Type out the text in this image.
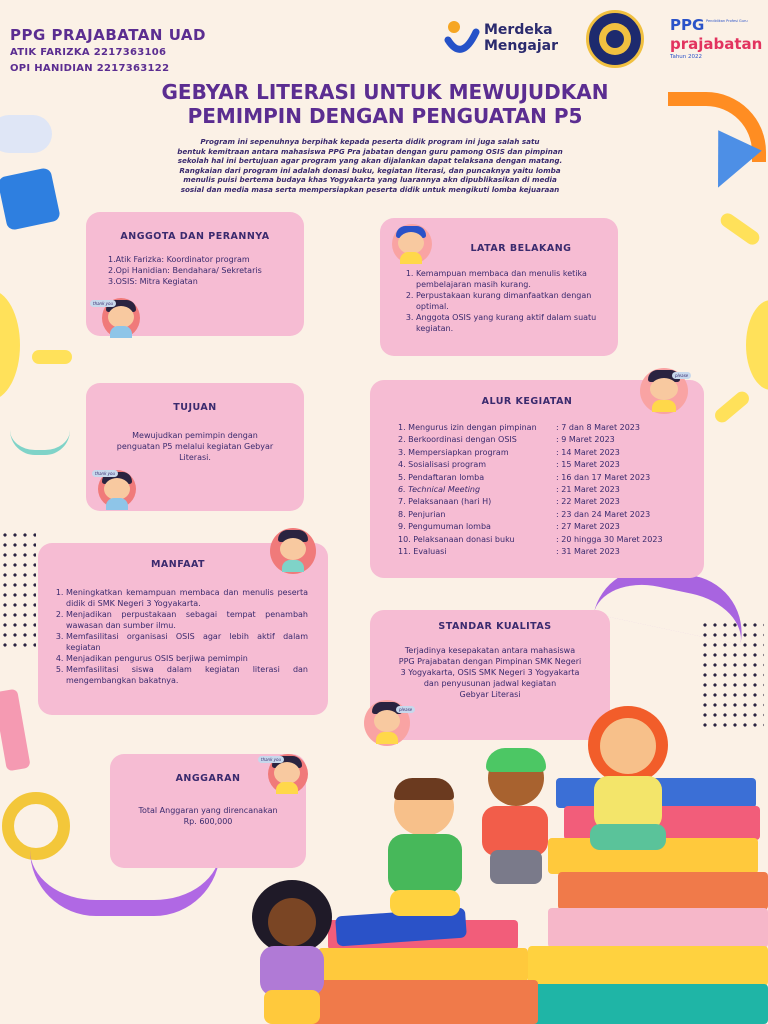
PPG PRAJABATAN UAD
ATIK FARIZKA 2217363106
OPI HANIDIAN 2217363122
Merdeka
Mengajar
PPG Pendidikan Profesi Guru
prajabatan
Tahun 2022
GEBYAR LITERASI UNTUK MEWUJUDKAN
PEMIMPIN DENGAN PENGUATAN P5
Program ini sepenuhnya berpihak kepada peserta didik program ini juga salah satu
bentuk kemitraan antara mahasiswa PPG Pra jabatan dengan guru pamong OSIS dan pimpinan
sekolah hal ini bertujuan agar program yang akan dijalankan dapat telaksana dengan matang.
Rangkaian dari program ini adalah donasi buku, kegiatan literasi, dan puncaknya yaitu lomba
menulis puisi bertema budaya khas Yogyakarta yang luarannya akn dipublikasikan di media
sosial dan media masa serta mempersiapkan peserta didik untuk mengikuti lomba kejuaraan
ANGGOTA DAN PERANNYA
1.Atik Farizka: Koordinator program
2.Opi Hanidian: Bendahara/ Sekretaris
3.OSIS: Mitra Kegiatan
LATAR BELAKANG
1. Kemampuan membaca dan menulis ketika pembelajaran masih kurang.
2. Perpustakaan kurang dimanfaatkan dengan optimal.
3. Anggota OSIS yang kurang aktif dalam suatu kegiatan.
TUJUAN
Mewujudkan pemimpin dengan
penguatan P5 melalui kegiatan Gebyar
Literasi.
ALUR KEGIATAN
1. Mengurus izin dengan pimpinan	: 7 dan 8 Maret 2023
2. Berkoordinasi dengan OSIS	: 9 Maret 2023
3. Mempersiapkan program	: 14 Maret 2023
4. Sosialisasi program	: 15 Maret 2023
5. Pendaftaran lomba	: 16 dan 17 Maret 2023
6. Technical Meeting	: 21 Maret 2023
7. Pelaksanaan (hari H)	: 22 Maret 2023
8. Penjurian	: 23 dan 24 Maret 2023
9. Pengumuman lomba	: 27 Maret 2023
10. Pelaksanaan donasi buku	: 20 hingga 30 Maret 2023
11. Evaluasi	: 31 Maret 2023
MANFAAT
1. Meningkatkan kemampuan membaca dan menulis peserta didik di SMK Negeri 3 Yogyakarta.
2. Menjadikan perpustakaan sebagai tempat penambah wawasan dan sumber ilmu.
3. Memfasilitasi organisasi OSIS agar lebih aktif dalam kegiatan
4. Menjadikan pengurus OSIS berjiwa pemimpin
5. Memfasilitasi siswa dalam kegiatan literasi dan mengembangkan bakatnya.
STANDAR KUALITAS
Terjadinya kesepakatan antara mahasiswa
PPG Prajabatan dengan Pimpinan SMK Negeri
3 Yogyakarta, OSIS SMK Negeri 3 Yogyakarta
dan penyusunan jadwal kegiatan
Gebyar Literasi
ANGGARAN
Total Anggaran yang direncanakan
Rp. 600,000
thank you
thank you
please
please
thank you
